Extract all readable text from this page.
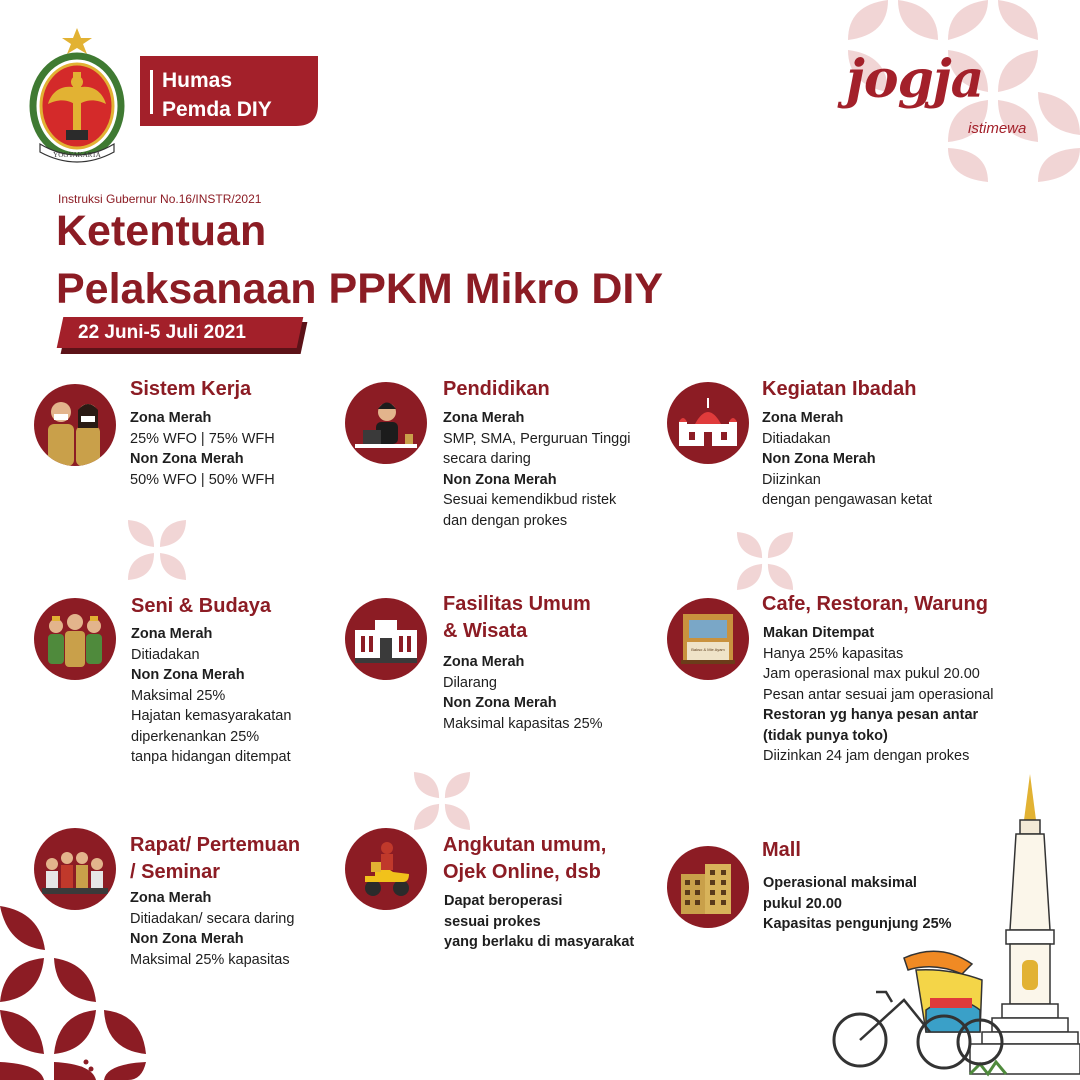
YOGYAKARTA
Humas
Pemda DIY	jogja
istimewa
Instruksi Gubernur No.16/INSTR/2021
Ketentuan
Pelaksanaan PPKM Mikro DIY
22 Juni-5 Juli 2021
Sistem Kerja
Zona Merah
25% WFO | 75% WFH
Non Zona Merah
50% WFO | 50% WFH
Pendidikan
Zona Merah
SMP, SMA, Perguruan Tinggi
secara daring
Non Zona Merah
Sesuai kemendikbud ristek
dan dengan prokes
Kegiatan Ibadah
Zona Merah
Ditiadakan
Non Zona Merah
Diizinkan
dengan pengawasan ketat
Seni & Budaya
Zona Merah
Ditiadakan
Non Zona Merah
Maksimal 25%
Hajatan kemasyarakatan
diperkenankan 25%
tanpa hidangan ditempat
Fasilitas Umum
& Wisata
Zona Merah
Dilarang
Non Zona Merah
Maksimal kapasitas 25%
Bakso & Mie Ayam
Cafe, Restoran, Warung
Makan Ditempat
Hanya 25% kapasitas
Jam operasional max pukul 20.00
Pesan antar sesuai jam operasional
Restoran yg hanya pesan antar
(tidak punya toko)
Diizinkan 24 jam dengan prokes
Rapat/ Pertemuan
/ Seminar
Zona Merah
Ditiadakan/ secara daring
Non Zona Merah
Maksimal 25% kapasitas
Angkutan umum,
Ojek Online, dsb
Dapat beroperasi
sesuai prokes
yang berlaku di masyarakat
Mall
Operasional maksimal
pukul 20.00
Kapasitas pengunjung 25%
